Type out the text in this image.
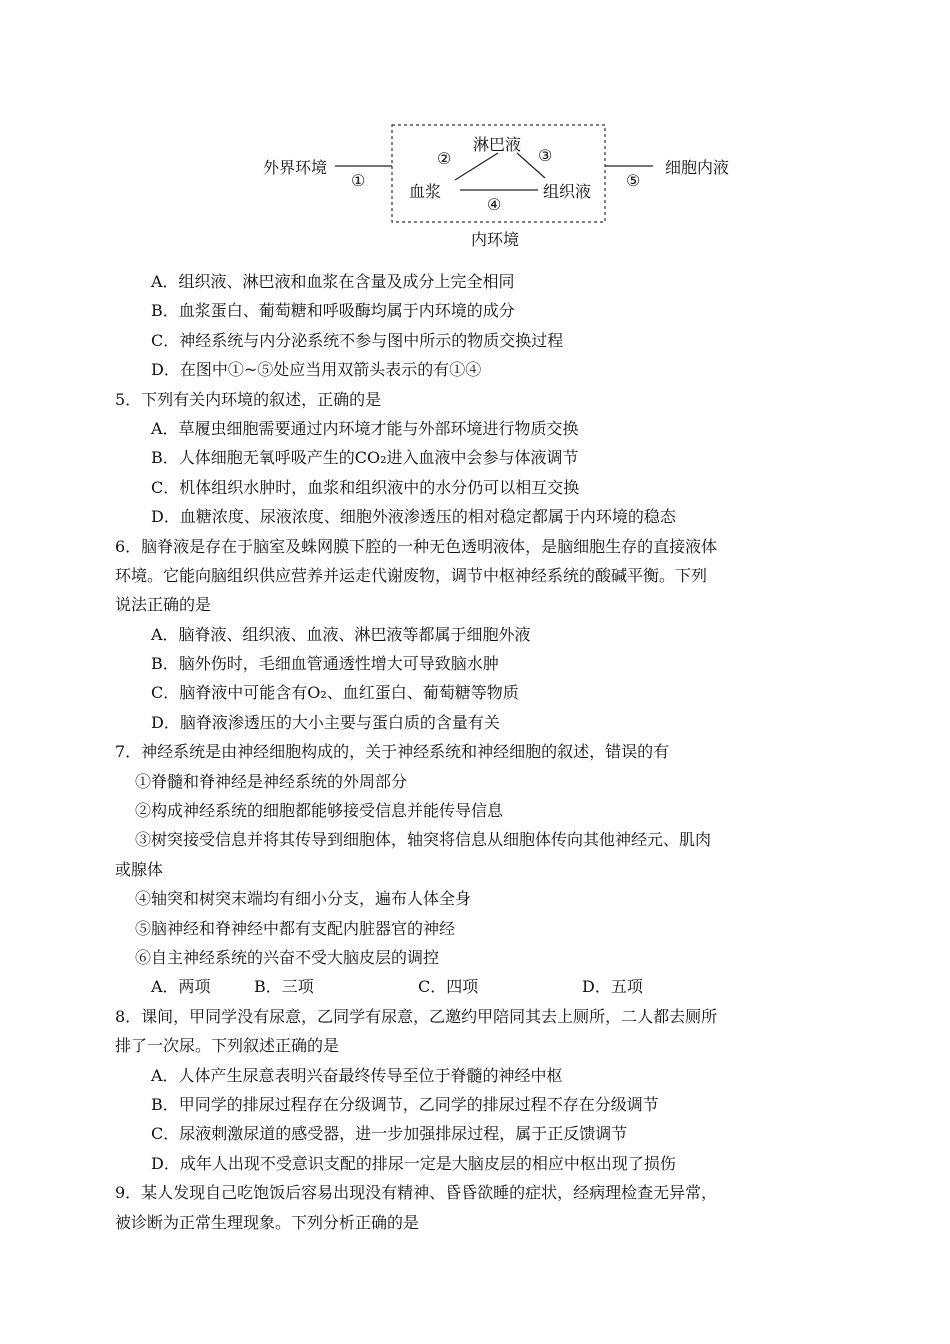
外界环境
①
淋巴液
②	③
血浆	组织液
④
⑤
细胞内液
内环境
A．组织液、淋巴液和血浆在含量及成分上完全相同
B．血浆蛋白、葡萄糖和呼吸酶均属于内环境的成分
C．神经系统与内分泌系统不参与图中所示的物质交换过程
D．在图中①~⑤处应当用双箭头表示的有①④
5．下列有关内环境的叙述，正确的是
A．草履虫细胞需要通过内环境才能与外部环境进行物质交换
B．人体细胞无氧呼吸产生的CO₂进入血液中会参与体液调节
C．机体组织水肿时，血浆和组织液中的水分仍可以相互交换
D．血糖浓度、尿液浓度、细胞外液渗透压的相对稳定都属于内环境的稳态
6．脑脊液是存在于脑室及蛛网膜下腔的一种无色透明液体，是脑细胞生存的直接液体
环境。它能向脑组织供应营养并运走代谢废物，调节中枢神经系统的酸碱平衡。下列
说法正确的是
A．脑脊液、组织液、血液、淋巴液等都属于细胞外液
B．脑外伤时，毛细血管通透性增大可导致脑水肿
C．脑脊液中可能含有O₂、血红蛋白、葡萄糖等物质
D．脑脊液渗透压的大小主要与蛋白质的含量有关
7．神经系统是由神经细胞构成的，关于神经系统和神经细胞的叙述，错误的有
①脊髓和脊神经是神经系统的外周部分
②构成神经系统的细胞都能够接受信息并能传导信息
③树突接受信息并将其传导到细胞体，轴突将信息从细胞体传向其他神经元、肌肉
或腺体
④轴突和树突末端均有细小分支，遍布人体全身
⑤脑神经和脊神经中都有支配内脏器官的神经
⑥自主神经系统的兴奋不受大脑皮层的调控
A．两项	B．三项	C．四项	D．五项
8．课间，甲同学没有尿意，乙同学有尿意，乙邀约甲陪同其去上厕所，二人都去厕所
排了一次尿。下列叙述正确的是
A．人体产生尿意表明兴奋最终传导至位于脊髓的神经中枢
B．甲同学的排尿过程存在分级调节，乙同学的排尿过程不存在分级调节
C．尿液刺激尿道的感受器，进一步加强排尿过程，属于正反馈调节
D．成年人出现不受意识支配的排尿一定是大脑皮层的相应中枢出现了损伤
9．某人发现自己吃饱饭后容易出现没有精神、昏昏欲睡的症状，经病理检查无异常，
被诊断为正常生理现象。下列分析正确的是
